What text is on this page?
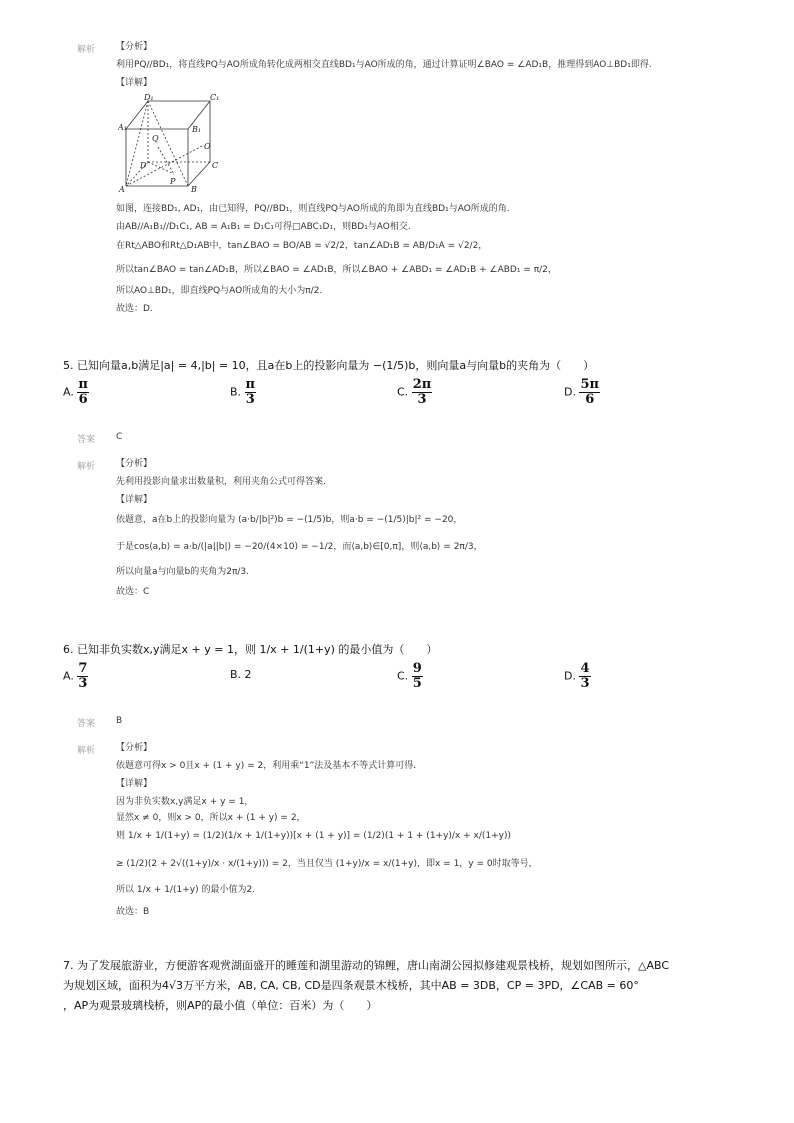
解析 【分析】
利用PQ//BD₁，将直线PQ与AO所成角转化成两相交直线BD₁与AO所成的角，通过计算证明∠BAO = ∠AD₁B，推理得到AO⊥BD₁即得.
【详解】
D₁	C₁
A₁	B₁
Q
O
D	C
A
P
B
如图，连接BD₁, AD₁，由已知得，PQ//BD₁，则直线PQ与AO所成的角即为直线BD₁与AO所成的角.
由AB//A₁B₁//D₁C₁, AB = A₁B₁ = D₁C₁可得□ABC₁D₁，则BD₁与AO相交.
在Rt△ABO和Rt△D₁AB中，tan∠BAO = BO/AB = √2/2，tan∠AD₁B = AB/D₁A = √2/2，
所以tan∠BAO = tan∠AD₁B，所以∠BAO = ∠AD₁B，所以∠BAO + ∠ABD₁ = ∠AD₁B + ∠ABD₁ = π/2，
所以AO⊥BD₁，即直线PQ与AO所成角的大小为π/2.
故选：D.
5. 已知向量a,b满足|a| = 4,|b| = 10，且a在b上的投影向量为 −(1/5)b，则向量a与向量b的夹角为（　　）
A. $\frac{\pi}{6}$	B. $\frac{\pi}{3}$	C. $\frac{2\pi}{3}$	D. $\frac{5\pi}{6}$
答案 C
解析 【分析】
先利用投影向量求出数量积，利用夹角公式可得答案.
【详解】
依题意，a在b上的投影向量为 (a·b/|b|²)b = −(1/5)b，则a·b = −(1/5)|b|² = −20，
于是cos⟨a,b⟩ = a·b/(|a||b|) = −20/(4×10) = −1/2，而⟨a,b⟩∈[0,π]，则⟨a,b⟩ = 2π/3，
所以向量a与向量b的夹角为2π/3.
故选：C
6. 已知非负实数x,y满足x + y = 1，则 1/x + 1/(1+y) 的最小值为（　　）
A. $\frac{7}{3}$	B. 2	C. $\frac{9}{5}$	D. $\frac{4}{3}$
答案 B
解析 【分析】
依题意可得x > 0且x + (1 + y) = 2，利用乘“1”法及基本不等式计算可得.
【详解】
因为非负实数x,y满足x + y = 1，
显然x ≠ 0，则x > 0，所以x + (1 + y) = 2，
则 1/x + 1/(1+y) = (1/2)(1/x + 1/(1+y))[x + (1 + y)] = (1/2)(1 + 1 + (1+y)/x + x/(1+y))
≥ (1/2)(2 + 2√((1+y)/x · x/(1+y))) = 2，当且仅当 (1+y)/x = x/(1+y)，即x = 1，y = 0时取等号，
所以 1/x + 1/(1+y) 的最小值为2.
故选：B
7. 为了发展旅游业，方便游客观赏湖面盛开的睡莲和湖里游动的锦鲤，唐山南湖公园拟修建观景栈桥，规划如图所示，△ABC
为规划区域，面积为4√3万平方米，AB, CA, CB, CD是四条观景木栈桥，其中AB = 3DB，CP = 3PD，∠CAB = 60°
，AP为观景玻璃栈桥，则AP的最小值（单位：百米）为（　　）
